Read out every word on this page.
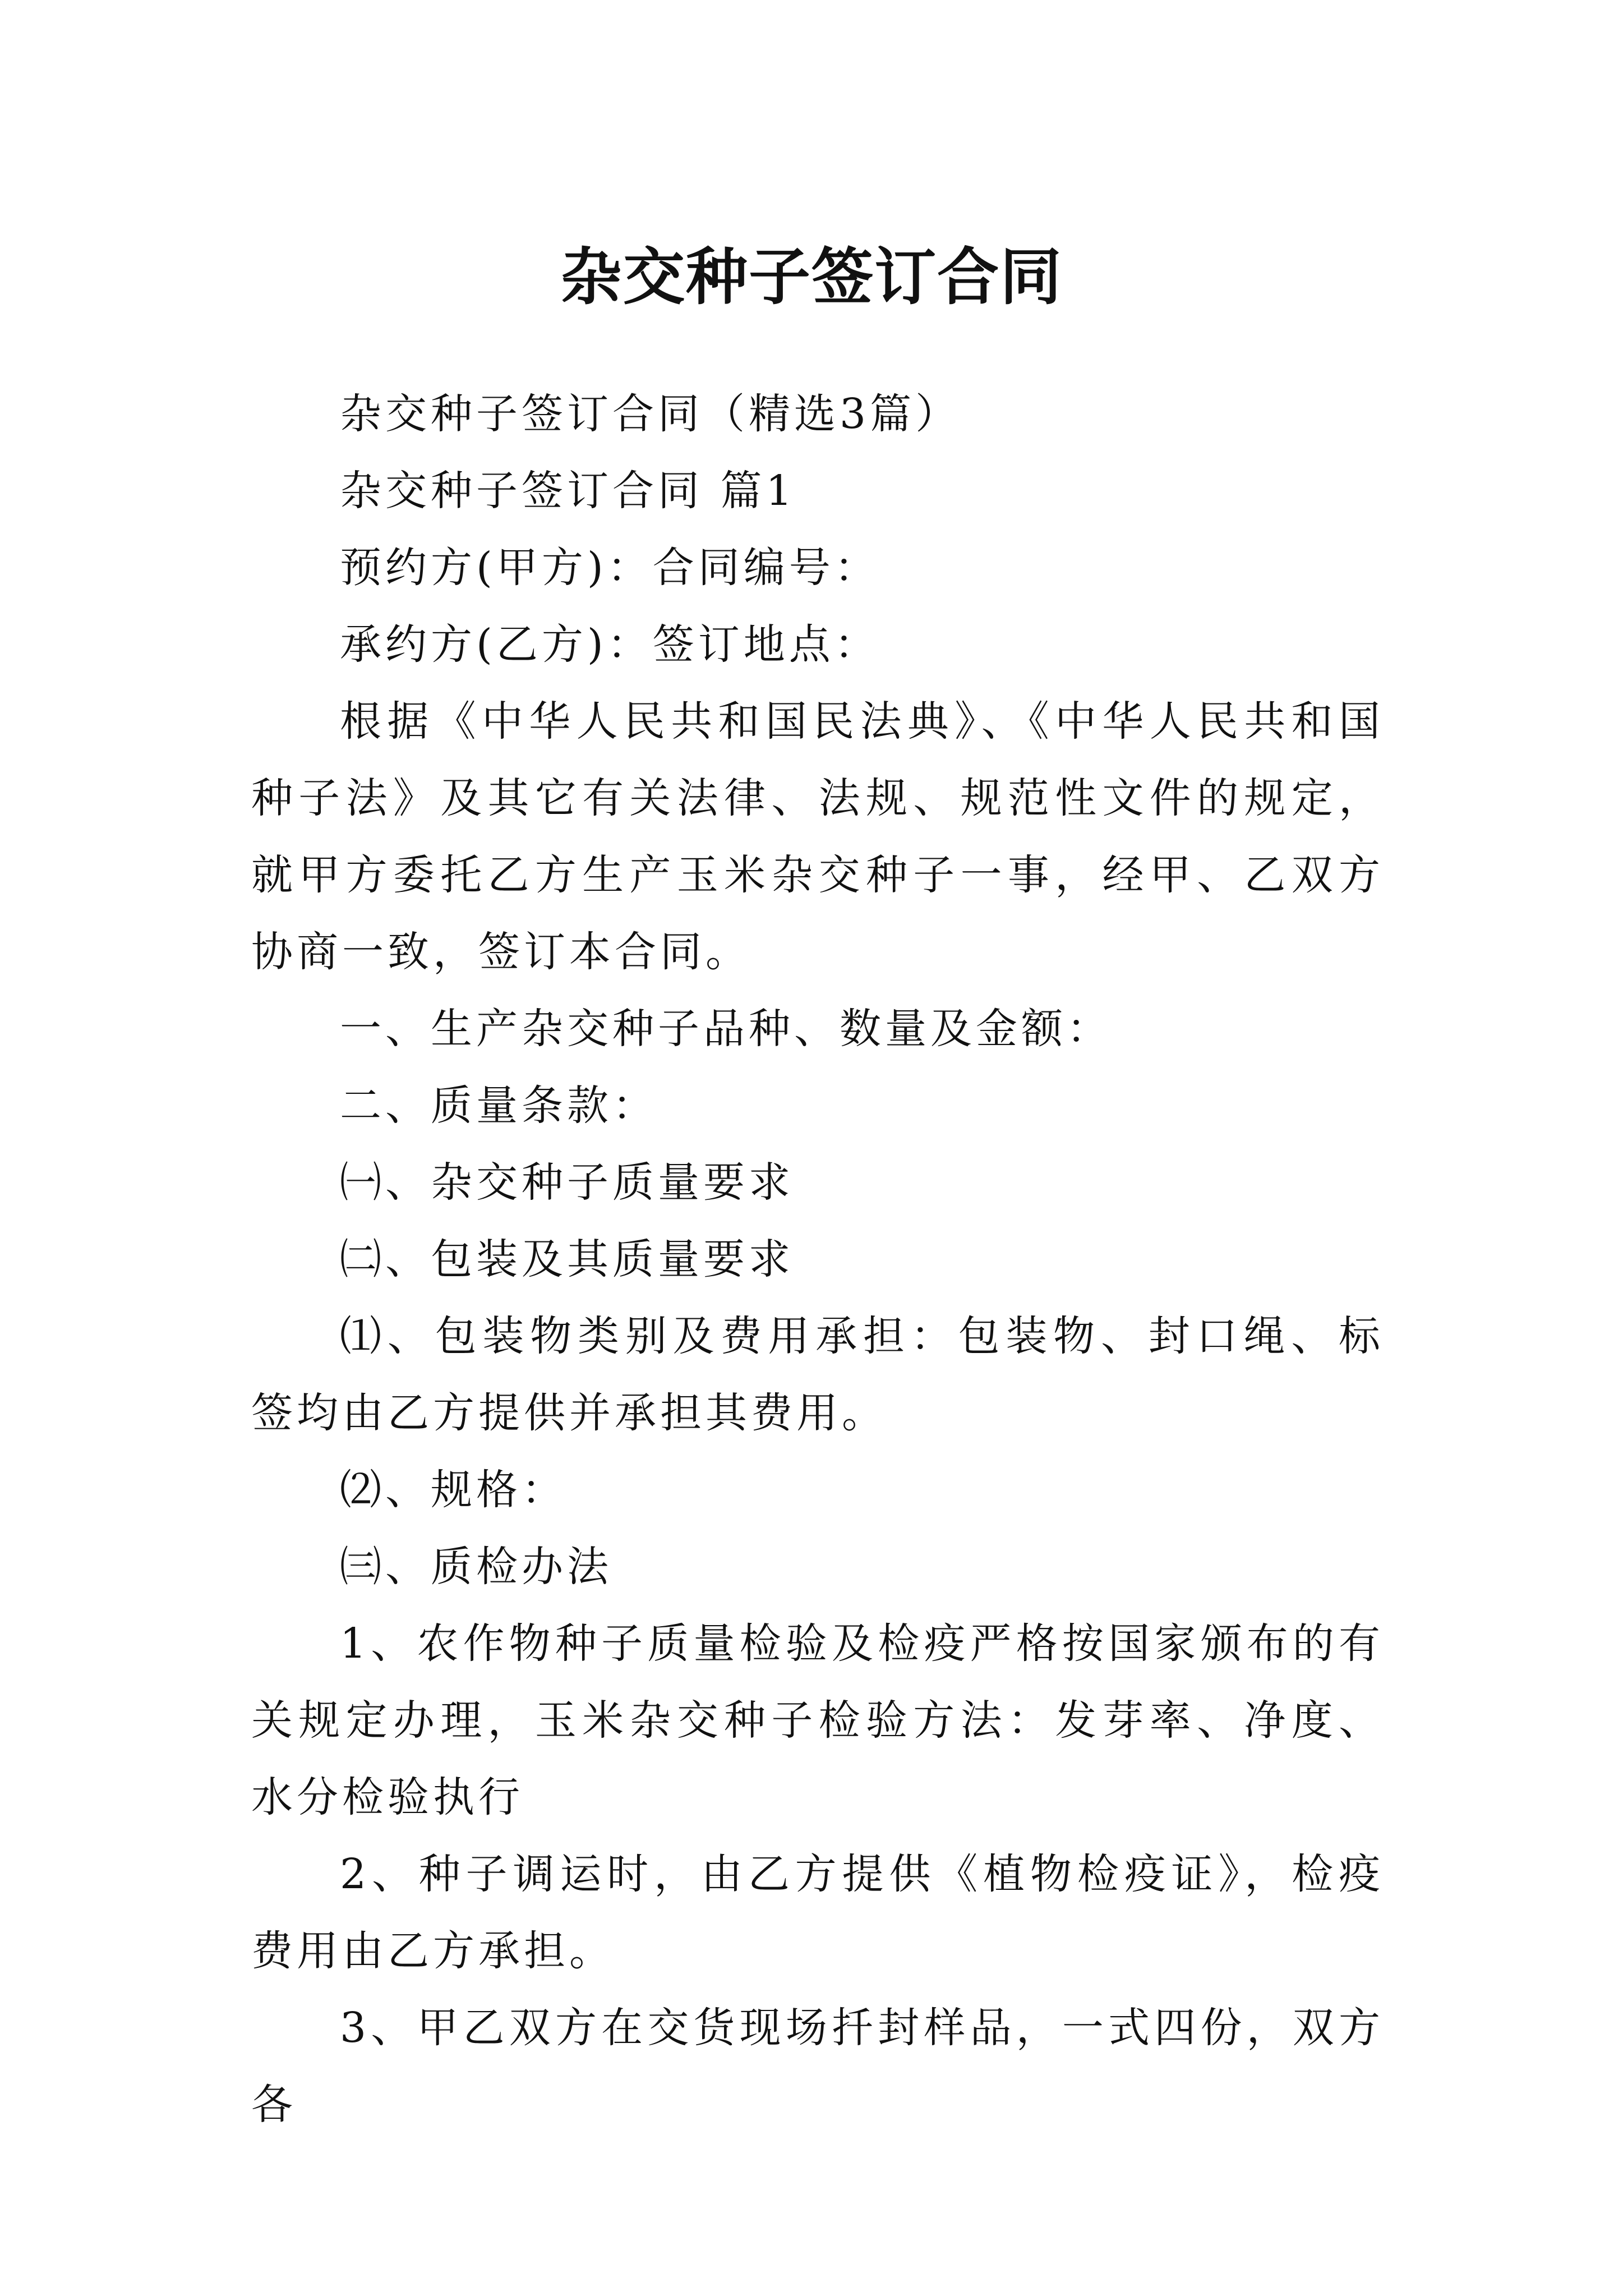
杂交种子签订合同

杂交种子签订合同（精选3篇）

杂交种子签订合同 篇1

预约方(甲方)：合同编号：

承约方(乙方)：签订地点：

根据《中华人民共和国民法典》、《中华人民共和国种子法》及其它有关法律、法规、规范性文件的规定，就甲方委托乙方生产玉米杂交种子一事，经甲、乙双方协商一致，签订本合同。

一、生产杂交种子品种、数量及金额：

二、质量条款：

㈠、杂交种子质量要求

㈡、包装及其质量要求

⑴、包装物类别及费用承担：包装物、封口绳、标签均由乙方提供并承担其费用。

⑵、规格：

㈢、质检办法

1、农作物种子质量检验及检疫严格按国家颁布的有关规定办理，玉米杂交种子检验方法：发芽率、净度、水分检验执行

2、种子调运时，由乙方提供《植物检疫证》，检疫费用由乙方承担。

3、甲乙双方在交货现场扦封样品，一式四份，双方各
